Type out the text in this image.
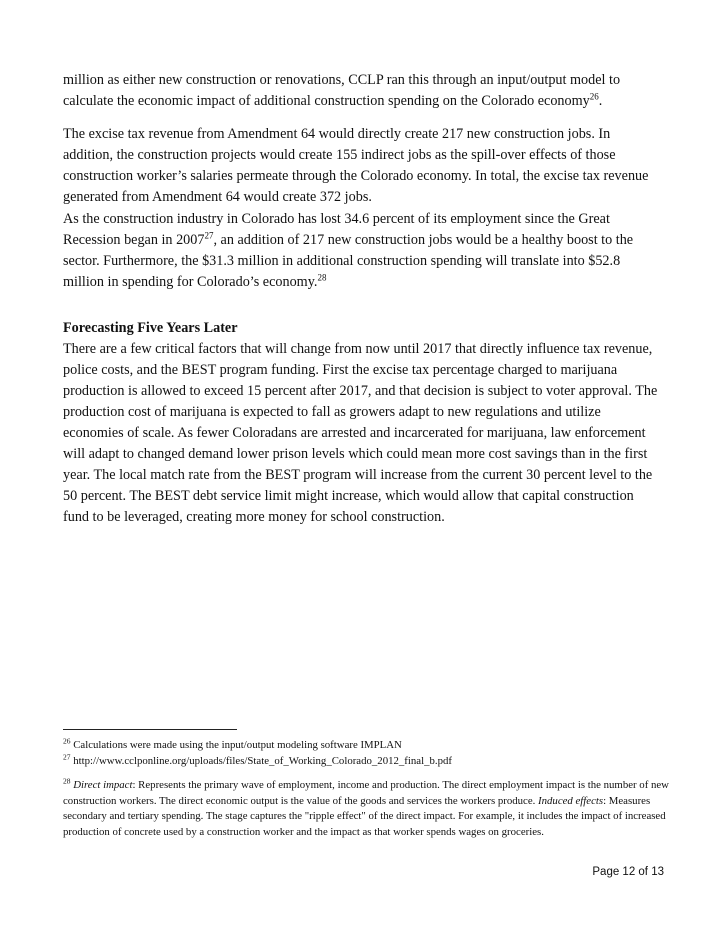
million as either new construction or renovations, CCLP ran this through an input/output model to calculate the economic impact of additional construction spending on the Colorado economy$^{26}$.

The excise tax revenue from Amendment 64 would directly create 217 new construction jobs. In addition, the construction projects would create 155 indirect jobs as the spill-over effects of those construction worker’s salaries permeate through the Colorado economy. In total, the excise tax revenue generated from Amendment 64 would create 372 jobs.

As the construction industry in Colorado has lost 34.6 percent of its employment since the Great Recession began in 2007$^{27}$, an addition of 217 new construction jobs would be a healthy boost to the sector. Furthermore, the $31.3 million in additional construction spending will translate into $52.8 million in spending for Colorado’s economy.$^{28}$

Forecasting Five Years Later

There are a few critical factors that will change from now until 2017 that directly influence tax revenue, police costs, and the BEST program funding. First the excise tax percentage charged to marijuana production is allowed to exceed 15 percent after 2017, and that decision is subject to voter approval. The production cost of marijuana is expected to fall as growers adapt to new regulations and utilize economies of scale. As fewer Coloradans are arrested and incarcerated for marijuana, law enforcement will adapt to changed demand lower prison levels which could mean more cost savings than in the first year. The local match rate from the BEST program will increase from the current 30 percent level to the 50 percent. The BEST debt service limit might increase, which would allow that capital construction fund to be leveraged, creating more money for school construction.

$^{26}$ Calculations were made using the input/output modeling software IMPLAN

$^{27}$ http://www.cclponline.org/uploads/files/State_of_Working_Colorado_2012_final_b.pdf

$^{28}$ Direct impact: Represents the primary wave of employment, income and production. The direct employment impact is the number of new construction workers. The direct economic output is the value of the goods and services the workers produce. Induced effects: Measures secondary and tertiary spending. The stage captures the "ripple effect" of the direct impact. For example, it includes the impact of increased production of concrete used by a construction worker and the impact as that worker spends wages on groceries.

Page 12 of 13
